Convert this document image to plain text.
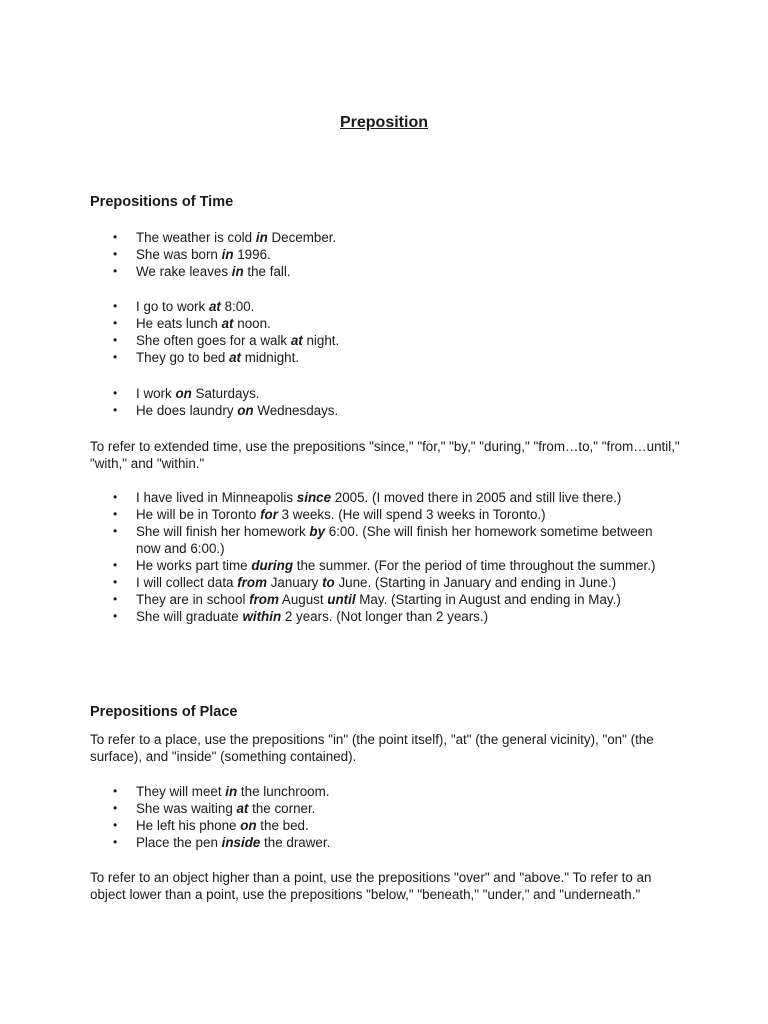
Preposition
Prepositions of Time
• The weather is cold in December.
• She was born in 1996.
• We rake leaves in the fall.
• I go to work at 8:00.
• He eats lunch at noon.
• She often goes for a walk at night.
• They go to bed at midnight.
• I work on Saturdays.
• He does laundry on Wednesdays.

To refer to extended time, use the prepositions "since," "for," "by," "during," "from…to," "from…until," "with," and "within."

• I have lived in Minneapolis since 2005. (I moved there in 2005 and still live there.)
• He will be in Toronto for 3 weeks. (He will spend 3 weeks in Toronto.)
• She will finish her homework by 6:00. (She will finish her homework sometime between now and 6:00.)
• He works part time during the summer. (For the period of time throughout the summer.)
• I will collect data from January to June. (Starting in January and ending in June.)
• They are in school from August until May. (Starting in August and ending in May.)
• She will graduate within 2 years. (Not longer than 2 years.)
Prepositions of Place

To refer to a place, use the prepositions "in" (the point itself), "at" (the general vicinity), "on" (the surface), and "inside" (something contained).

• They will meet in the lunchroom.
• She was waiting at the corner.
• He left his phone on the bed.
• Place the pen inside the drawer.

To refer to an object higher than a point, use the prepositions "over" and "above." To refer to an object lower than a point, use the prepositions "below," "beneath," "under," and "underneath."
